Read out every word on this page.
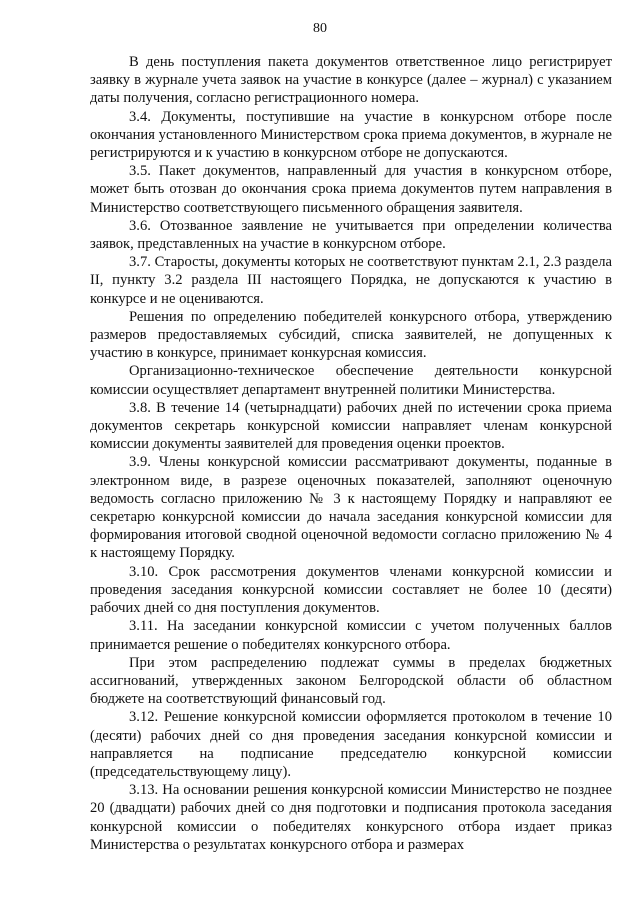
80

В день поступления пакета документов ответственное лицо регистрирует заявку в журнале учета заявок на участие в конкурсе (далее – журнал) с указанием даты получения, согласно регистрационного номера.

3.4. Документы, поступившие на участие в конкурсном отборе после окончания установленного Министерством срока приема документов, в журнале не регистрируются и к участию в конкурсном отборе не допускаются.

3.5. Пакет документов, направленный для участия в конкурсном отборе, может быть отозван до окончания срока приема документов путем направления в Министерство соответствующего письменного обращения заявителя.

3.6. Отозванное заявление не учитывается при определении количества заявок, представленных на участие в конкурсном отборе.

3.7. Старосты, документы которых не соответствуют пунктам 2.1, 2.3 раздела II, пункту 3.2 раздела III настоящего Порядка, не допускаются к участию в конкурсе и не оцениваются.

Решения по определению победителей конкурсного отбора, утверждению размеров предоставляемых субсидий, списка заявителей, не допущенных к участию в конкурсе, принимает конкурсная комиссия.

Организационно-техническое обеспечение деятельности конкурсной комиссии осуществляет департамент внутренней политики Министерства.

3.8. В течение 14 (четырнадцати) рабочих дней по истечении срока приема документов секретарь конкурсной комиссии направляет членам конкурсной комиссии документы заявителей для проведения оценки проектов.

3.9. Члены конкурсной комиссии рассматривают документы, поданные в электронном виде, в разрезе оценочных показателей, заполняют оценочную ведомость согласно приложению № 3 к настоящему Порядку и направляют ее секретарю конкурсной комиссии до начала заседания конкурсной комиссии для формирования итоговой сводной оценочной ведомости согласно приложению № 4 к настоящему Порядку.

3.10. Срок рассмотрения документов членами конкурсной комиссии и проведения заседания конкурсной комиссии составляет не более 10 (десяти) рабочих дней со дня поступления документов.

3.11. На заседании конкурсной комиссии с учетом полученных баллов принимается решение о победителях конкурсного отбора.

При этом распределению подлежат суммы в пределах бюджетных ассигнований, утвержденных законом Белгородской области об областном бюджете на соответствующий финансовый год.

3.12. Решение конкурсной комиссии оформляется протоколом в течение 10 (десяти) рабочих дней со дня проведения заседания конкурсной комиссии и направляется на подписание председателю конкурсной комиссии (председательствующему лицу).

3.13. На основании решения конкурсной комиссии Министерство не позднее 20 (двадцати) рабочих дней со дня подготовки и подписания протокола заседания конкурсной комиссии о победителях конкурсного отбора издает приказ Министерства о результатах конкурсного отбора и размерах
